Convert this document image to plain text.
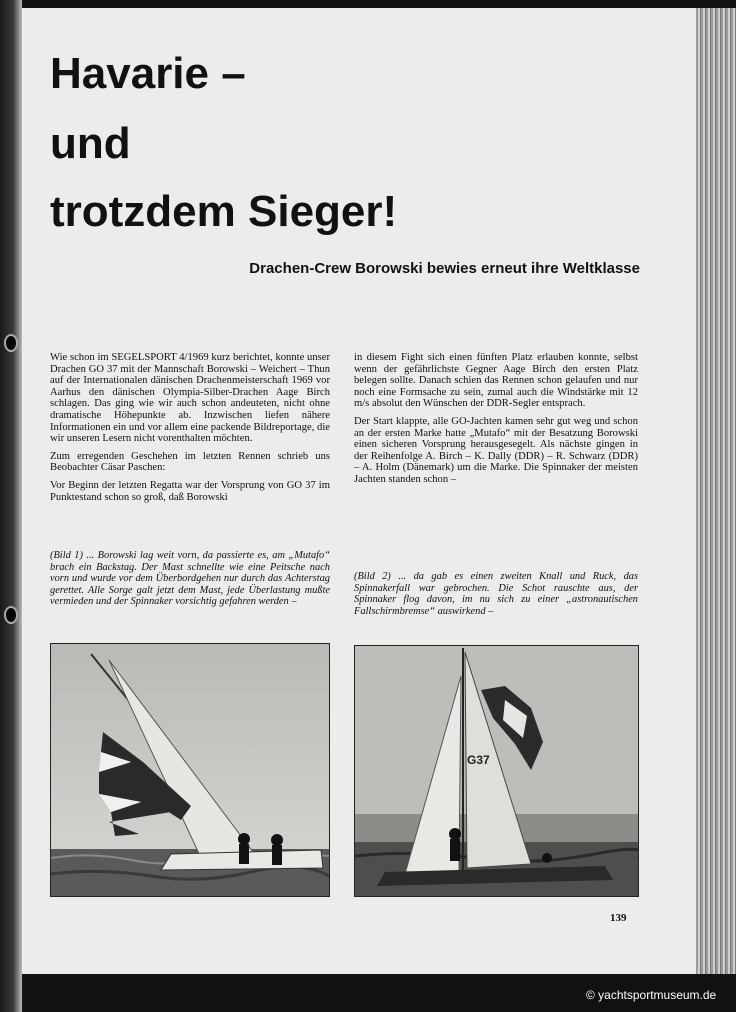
Havarie –
und
trotzdem Sieger!
Drachen-Crew Borowski bewies erneut ihre Weltklasse

Wie schon im SEGELSPORT 4/1969 kurz berichtet, konnte unser Drachen GO 37 mit der Mannschaft Borowski – Weichert – Thun auf der Internationalen dänischen Drachenmeisterschaft 1969 vor Aarhus den dänischen Olympia-Silber-Drachen Aage Birch schlagen. Das ging wie wir auch schon andeuteten, nicht ohne dramatische Höhepunkte ab. Inzwischen liefen nähere Informationen ein und vor allem eine packende Bildreportage, die wir unseren Lesern nicht vorenthalten möchten.

Zum erregenden Geschehen im letzten Rennen schrieb uns Beobachter Cäsar Paschen:

Vor Beginn der letzten Regatta war der Vorsprung von GO 37 im Punktestand schon so groß, daß Borowski

in diesem Fight sich einen fünften Platz erlauben konnte, selbst wenn der gefährlichste Gegner Aage Birch den ersten Platz belegen sollte. Danach schien das Rennen schon gelaufen und nur noch eine Formsache zu sein, zumal auch die Windstärke mit 12 m/s absolut den Wünschen der DDR-Segler entsprach.

Der Start klappte, alle GO-Jachten kamen sehr gut weg und schon an der ersten Marke hatte „Mutafo“ mit der Besatzung Borowski einen sicheren Vorsprung herausgesegelt. Als nächste gingen in der Reihenfolge A. Birch – K. Dally (DDR) – R. Schwarz (DDR) – A. Holm (Dänemark) um die Marke. Die Spinnaker der meisten Jachten standen schon –

(Bild 1) ... Borowski lag weit vorn, da passierte es, am „Mutafo“ brach ein Backstag. Der Mast schnellte wie eine Peitsche nach vorn und wurde vor dem Überbordgehen nur durch das Achterstag gerettet. Alle Sorge galt jetzt dem Mast, jede Überlastung mußte vermieden und der Spinnaker vorsichtig gefahren werden –
(Bild 2) ... da gab es einen zweiten Knall und Ruck, das Spinnakerfall war gebrochen. Die Schot rauschte aus, der Spinnaker flog davon, im nu sich zu einer „astronautischen Fallschirmbremse“ auswirkend –
G37
139
© yachtsportmuseum.de
